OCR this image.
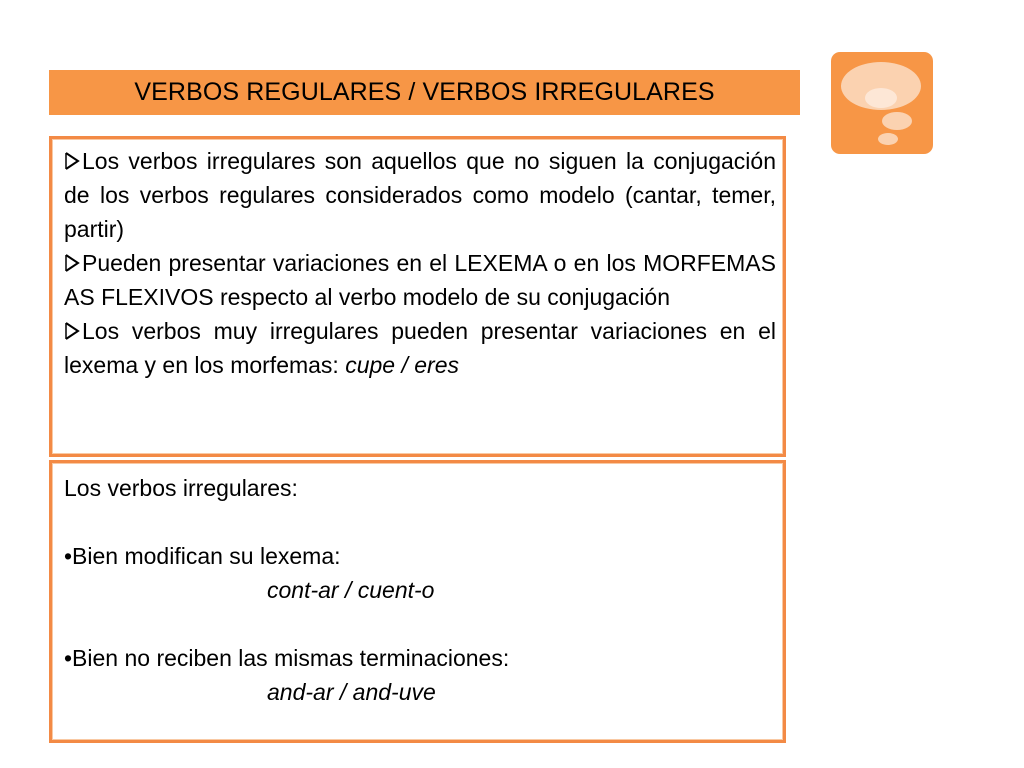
VERBOS REGULARES / VERBOS IRREGULARES

Los verbos irregulares son aquellos que no siguen la conjugación de los verbos regulares considerados como modelo (cantar, temer, partir)

Pueden presentar variaciones en el LEXEMA o en los MORFEMAS AS FLEXIVOS respecto al verbo modelo de su conjugación

Los verbos muy irregulares pueden presentar variaciones en el lexema y en los morfemas: cupe / eres

Los verbos irregulares:
•Bien modifican su lexema:
cont-ar / cuent-o
•Bien no reciben las mismas terminaciones:
and-ar / and-uve
